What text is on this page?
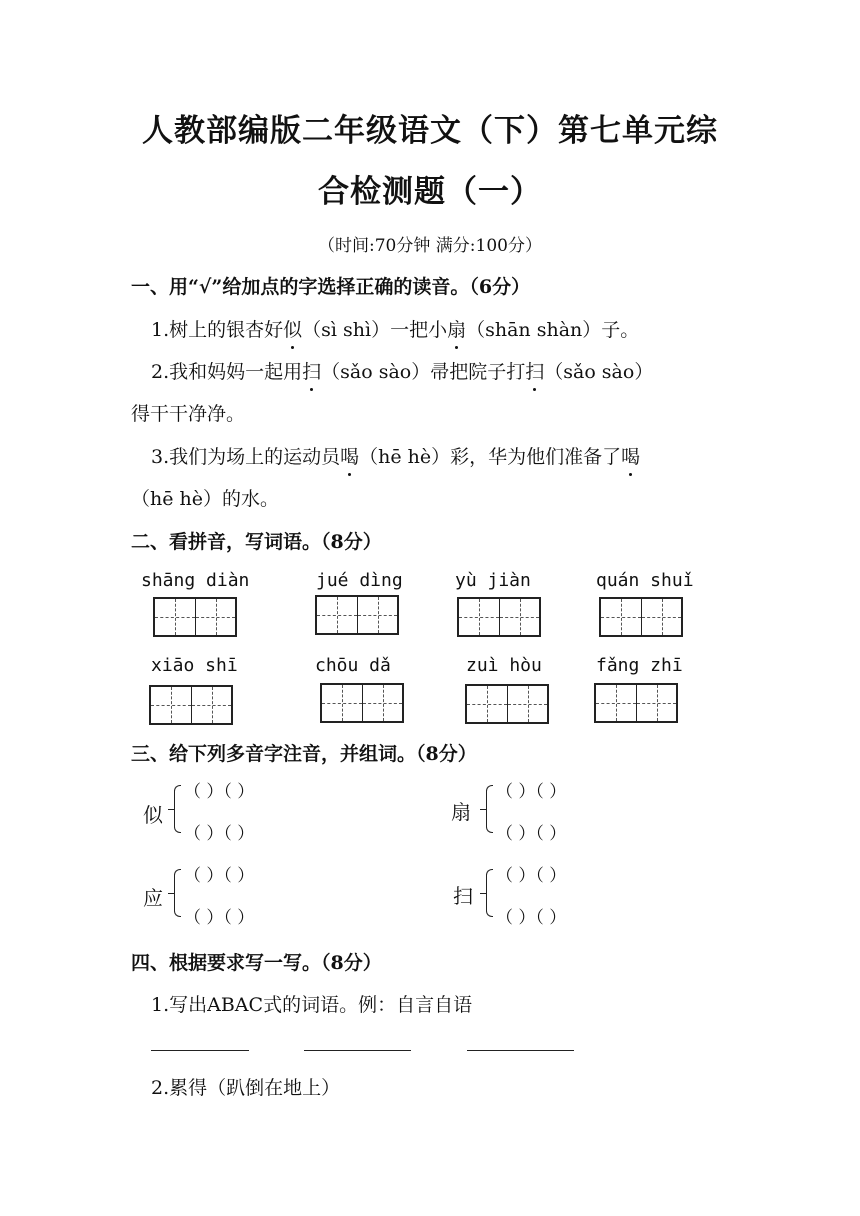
人教部编版二年级语文（下）第七单元综
合检测题（一）
（时间:70分钟 满分:100分）
一、用“√”给加点的字选择正确的读音。（6分）
1.树上的银杏好似（sì shì）一把小扇（shān shàn）子。
2.我和妈妈一起用扫（sǎo sào）帚把院子打扫（sǎo sào）
得干干净净。
3.我们为场上的运动员喝（hē hè）彩，华为他们准备了喝
（hē hè）的水。
二、看拼音，写词语。（8分）
shāng diàn	jué dìng	yù jiàn	quán shuǐ
xiāo shī	chōu dǎ	zuì hòu	fǎng zhī
三、给下列多音字注音，并组词。（8分）
似
（ ）（ ）
（ ）（ ）
扇
（ ）（ ）
（ ）（ ）
应
（ ）（ ）
（ ）（ ）
扫
（ ）（ ）
（ ）（ ）
四、根据要求写一写。（8分）
1.写出ABAC式的词语。例：自言自语
2.累得（趴倒在地上）
